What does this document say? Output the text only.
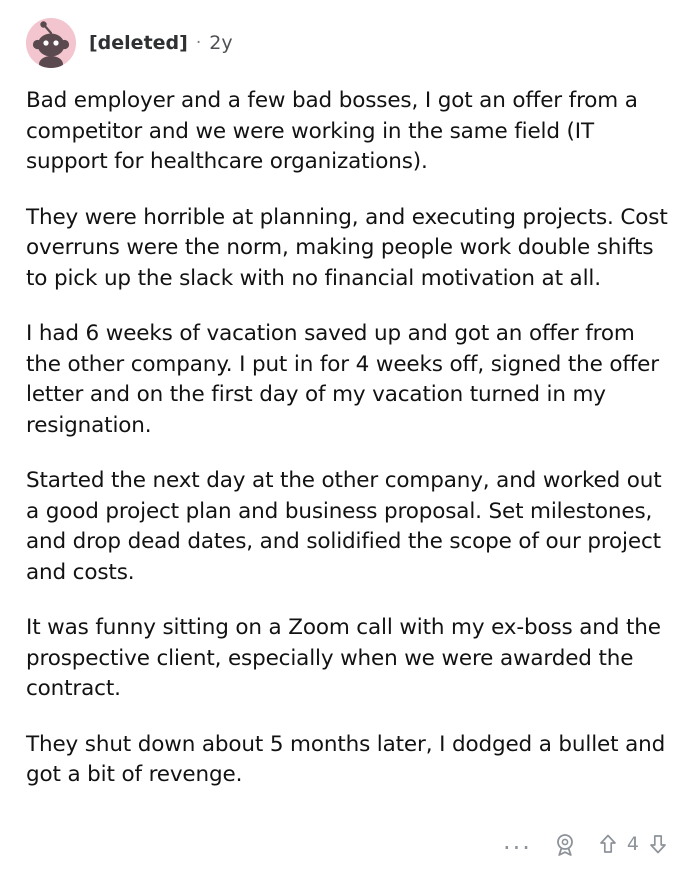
[deleted] · 2y

Bad employer and a few bad bosses, I got an offer from a competitor and we were working in the same field (IT support for healthcare organizations).

They were horrible at planning, and executing projects. Cost overruns were the norm, making people work double shifts to pick up the slack with no financial motivation at all.

I had 6 weeks of vacation saved up and got an offer from the other company. I put in for 4 weeks off, signed the offer letter and on the first day of my vacation turned in my resignation.

Started the next day at the other company, and worked out a good project plan and business proposal. Set milestones, and drop dead dates, and solidified the scope of our project and costs.

It was funny sitting on a Zoom call with my ex-boss and the prospective client, especially when we were awarded the contract.

They shut down about 5 months later, I dodged a bullet and got a bit of revenge.

...	4
